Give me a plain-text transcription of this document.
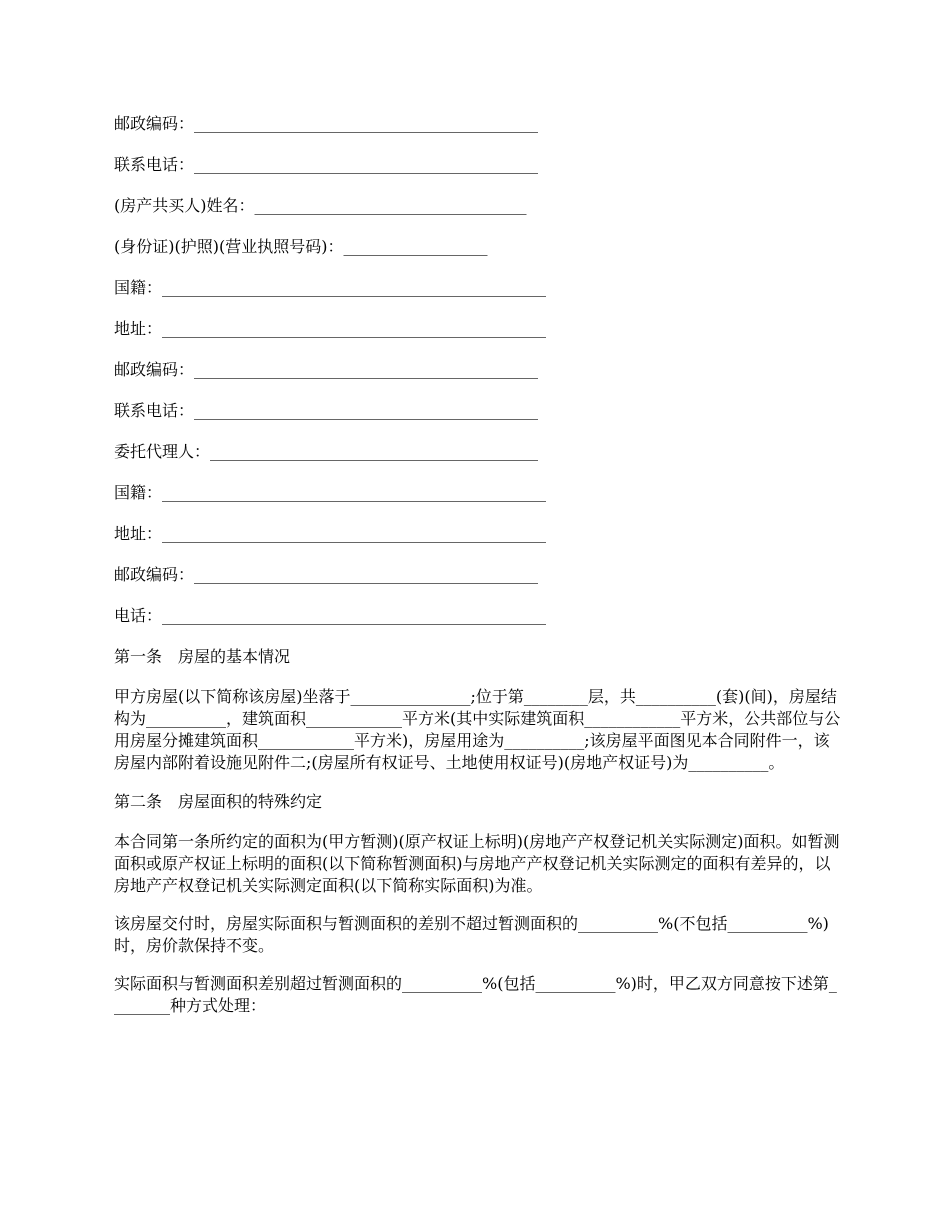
邮政编码：___________________________________________
联系电话：___________________________________________
(房产共买人)姓名：__________________________________
(身份证)(护照)(营业执照号码)：__________________
国籍：________________________________________________
地址：________________________________________________
邮政编码：___________________________________________
联系电话：___________________________________________
委托代理人：_________________________________________
国籍：________________________________________________
地址：________________________________________________
邮政编码：___________________________________________
电话：________________________________________________
第一条　房屋的基本情况
甲方房屋(以下简称该房屋)坐落于_______________;位于第________层，共__________(套)(间)，房屋结构为__________，建筑面积____________平方米(其中实际建筑面积____________平方米，公共部位与公用房屋分摊建筑面积____________平方米)，房屋用途为__________;该房屋平面图见本合同附件一，该房屋内部附着设施见附件二;(房屋所有权证号、土地使用权证号)(房地产权证号)为__________。
第二条　房屋面积的特殊约定
本合同第一条所约定的面积为(甲方暂测)(原产权证上标明)(房地产产权登记机关实际测定)面积。如暂测面积或原产权证上标明的面积(以下简称暂测面积)与房地产产权登记机关实际测定的面积有差异的，以房地产产权登记机关实际测定面积(以下简称实际面积)为准。
该房屋交付时，房屋实际面积与暂测面积的差别不超过暂测面积的__________%(不包括__________%)时，房价款保持不变。
实际面积与暂测面积差别超过暂测面积的__________%(包括__________%)时，甲乙双方同意按下述第________种方式处理：
